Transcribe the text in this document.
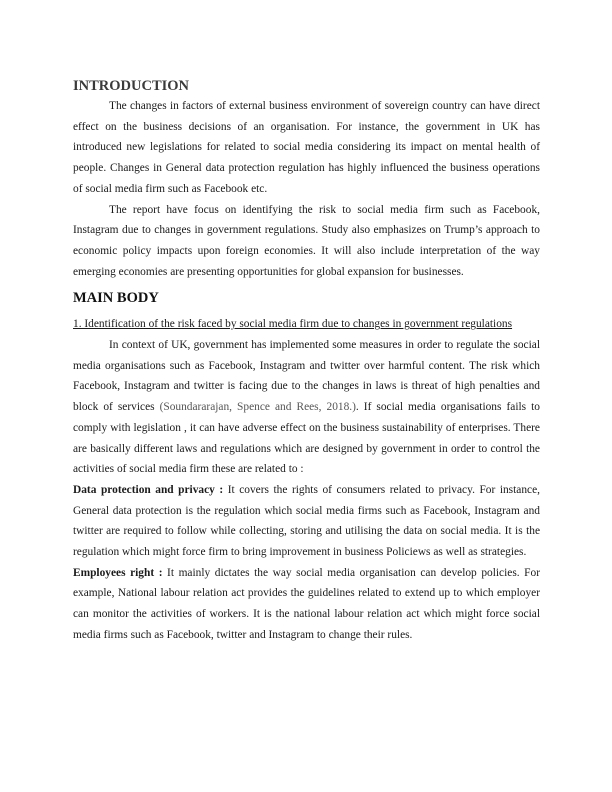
INTRODUCTION

The changes in factors of external business environment of sovereign country can have direct effect on the business decisions of an organisation. For instance, the government in UK has introduced new legislations for related to social media considering its impact on mental health of people. Changes in General data protection regulation has highly influenced the business operations of social media firm such as Facebook etc.

The report have focus on identifying the risk to social media firm such as Facebook, Instagram due to changes in government regulations. Study also emphasizes on Trump’s approach to economic policy impacts upon foreign economies. It will also include interpretation of the way emerging economies are presenting opportunities for global expansion for businesses.

MAIN BODY
1. Identification of the risk faced by social media firm due to changes in government regulations

In context of UK, government has implemented some measures in order to regulate the social media organisations such as Facebook, Instagram and twitter over harmful content. The risk which Facebook, Instagram and twitter is facing due to the changes in laws is threat of high penalties and block of services (Soundararajan, Spence and Rees, 2018.). If social media organisations fails to comply with legislation , it can have adverse effect on the business sustainability of enterprises. There are basically different laws and regulations which are designed by government in order to control the activities of social media firm these are related to :

Data protection and privacy : It covers the rights of consumers related to privacy. For instance, General data protection is the regulation which social media firms such as Facebook, Instagram and twitter are required to follow while collecting, storing and utilising the data on social media. It is the regulation which might force firm to bring improvement in business Policiews as well as strategies.

Employees right : It mainly dictates the way social media organisation can develop policies. For example, National labour relation act provides the guidelines related to extend up to which employer can monitor the activities of workers. It is the national labour relation act which might force social media firms such as Facebook, twitter and Instagram to change their rules.
